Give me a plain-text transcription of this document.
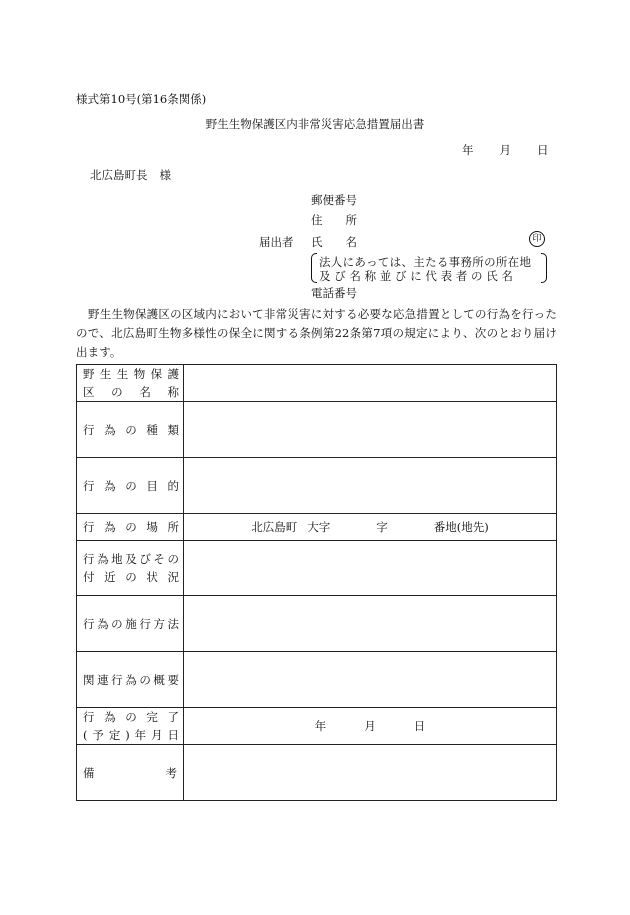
様式第10号(第16条関係)
野生生物保護区内非常災害応急措置届出書
年 月 日
北広島町長 様
郵便番号
住　　所
届出者 氏　　名	印
法人にあっては、主たる事務所の所在地
及び名称並びに代表者の氏名
電話番号
野生生物保護区の区域内において非常災害に対する必要な応急措置としての行為を行ったので、北広島町生物多様性の保全に関する条例第22条第7項の規定により、次のとおり届け出ます。
野生生物保護
区の名称	

行為の種類	
行為の目的	
行為の場所	北広島町 大字 字 番地(地先)

行為地及びその
付近の状況	

行為の施行方法	
関連行為の概要	

行為の完了
(予定)年月日	年 月 日

備 考	
